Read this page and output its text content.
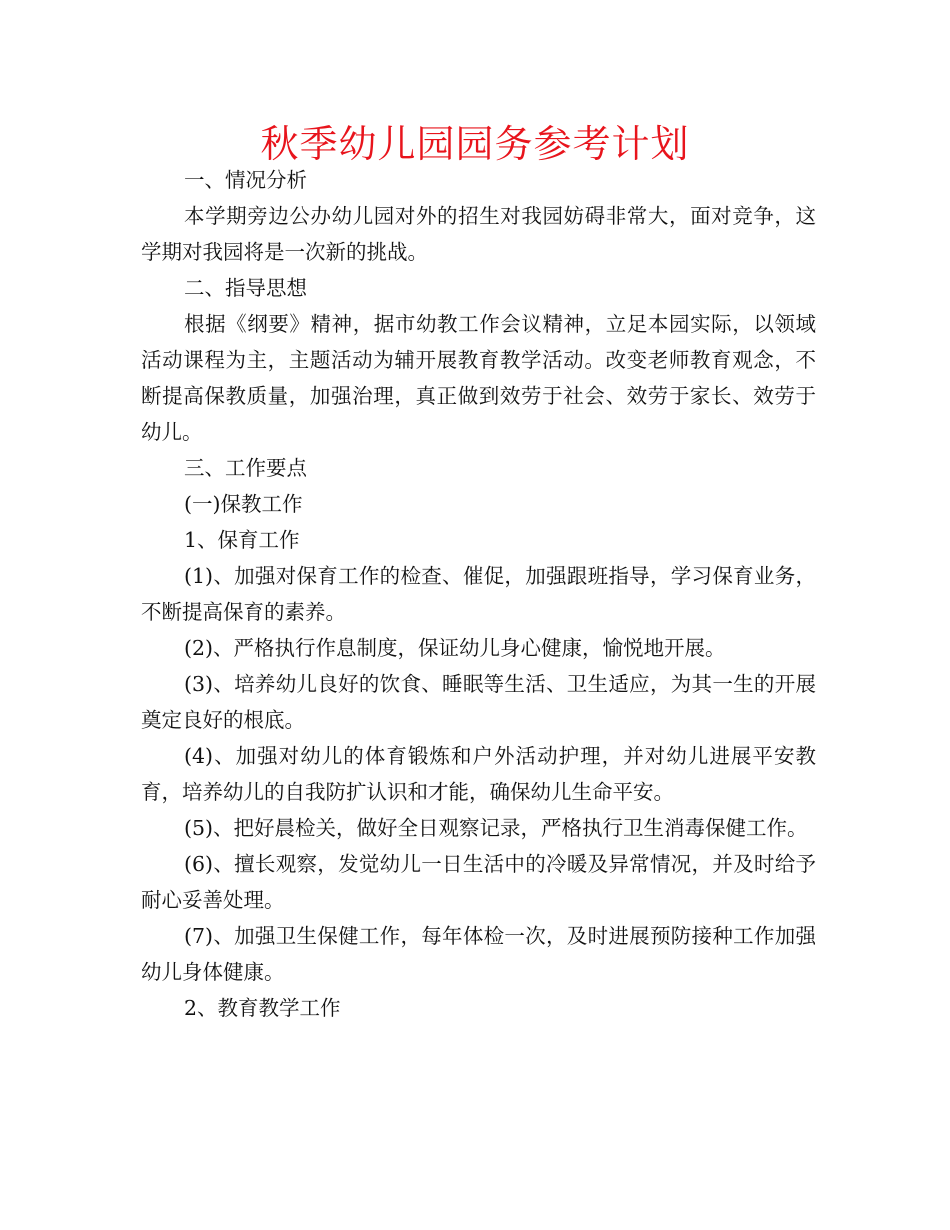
秋季幼儿园园务参考计划

一、情况分析

本学期旁边公办幼儿园对外的招生对我园妨碍非常大，面对竞争，这学期对我园将是一次新的挑战。

二、指导思想

根据《纲要》精神，据市幼教工作会议精神，立足本园实际，以领域活动课程为主，主题活动为辅开展教育教学活动。改变老师教育观念，不断提高保教质量，加强治理，真正做到效劳于社会、效劳于家长、效劳于幼儿。

三、工作要点

(一)保教工作

1、保育工作

(1)、加强对保育工作的检查、催促，加强跟班指导，学习保育业务，不断提高保育的素养。

(2)、严格执行作息制度，保证幼儿身心健康，愉悦地开展。

(3)、培养幼儿良好的饮食、睡眠等生活、卫生适应，为其一生的开展奠定良好的根底。

(4)、加强对幼儿的体育锻炼和户外活动护理，并对幼儿进展平安教育，培养幼儿的自我防扩认识和才能，确保幼儿生命平安。

(5)、把好晨检关，做好全日观察记录，严格执行卫生消毒保健工作。

(6)、擅长观察，发觉幼儿一日生活中的冷暖及异常情况，并及时给予耐心妥善处理。

(7)、加强卫生保健工作，每年体检一次，及时进展预防接种工作加强幼儿身体健康。

2、教育教学工作
